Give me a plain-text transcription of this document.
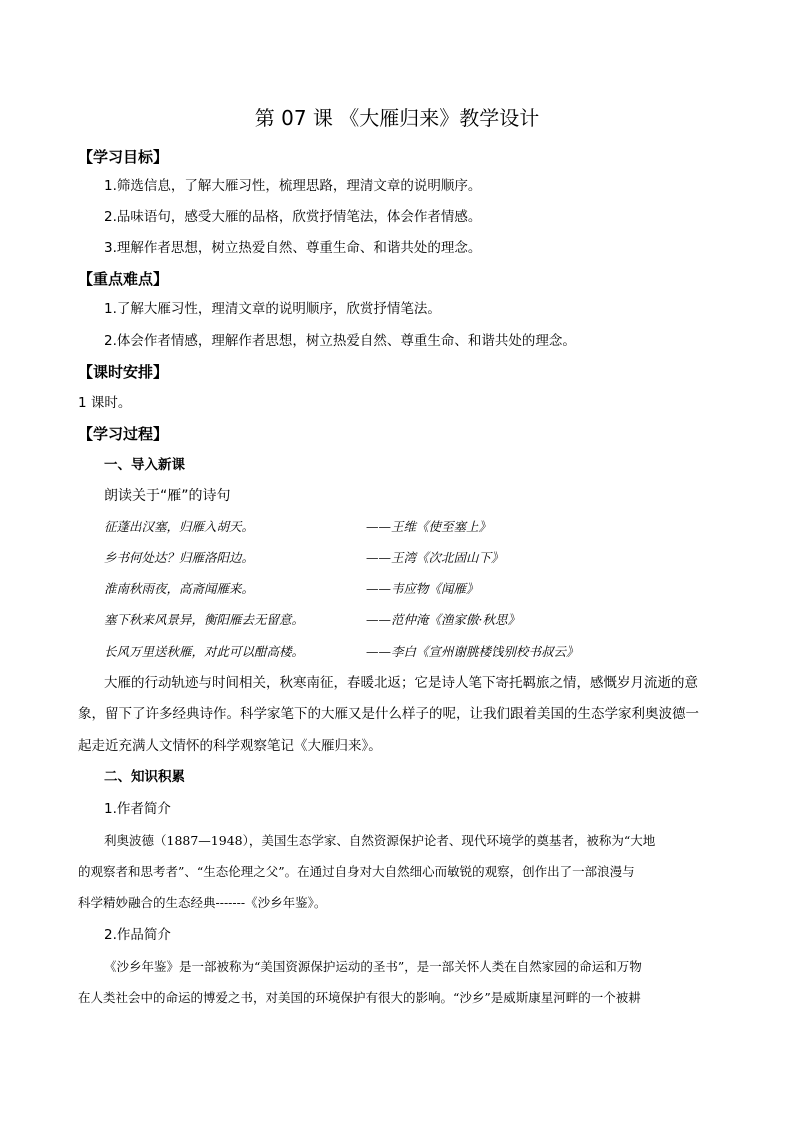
第 07 课 《大雁归来》教学设计
【学习目标】
1.筛选信息，了解大雁习性，梳理思路，理清文章的说明顺序。
2.品味语句，感受大雁的品格，欣赏抒情笔法，体会作者情感。
3.理解作者思想，树立热爱自然、尊重生命、和谐共处的理念。
【重点难点】
1.了解大雁习性，理清文章的说明顺序，欣赏抒情笔法。
2.体会作者情感，理解作者思想，树立热爱自然、尊重生命、和谐共处的理念。
【课时安排】
1 课时。
【学习过程】
一、导入新课
朗读关于“雁”的诗句
征蓬出汉塞，归雁入胡天。	——王维《使至塞上》
乡书何处达？归雁洛阳边。	——王湾《次北固山下》
淮南秋雨夜，高斋闻雁来。	——韦应物《闻雁》
塞下秋来风景异，衡阳雁去无留意。	——范仲淹《渔家傲·秋思》
长风万里送秋雁，对此可以酣高楼。	——李白《宣州谢朓楼饯别校书叔云》
大雁的行动轨迹与时间相关，秋寒南征，春暖北返；它是诗人笔下寄托羁旅之情，感慨岁月流逝的意
象，留下了许多经典诗作。科学家笔下的大雁又是什么样子的呢，让我们跟着美国的生态学家利奥波德一
起走近充满人文情怀的科学观察笔记《大雁归来》。
二、知识积累
1.作者简介
利奥波德（1887—1948），美国生态学家、自然资源保护论者、现代环境学的奠基者，被称为“大地
的观察者和思考者”、“生态伦理之父”。在通过自身对大自然细心而敏锐的观察，创作出了一部浪漫与
科学精妙融合的生态经典-------《沙乡年鉴》。
2.作品简介
《沙乡年鉴》是一部被称为“美国资源保护运动的圣书”，是一部关怀人类在自然家园的命运和万物
在人类社会中的命运的博爱之书，对美国的环境保护有很大的影响。“沙乡”是威斯康星河畔的一个被耕
